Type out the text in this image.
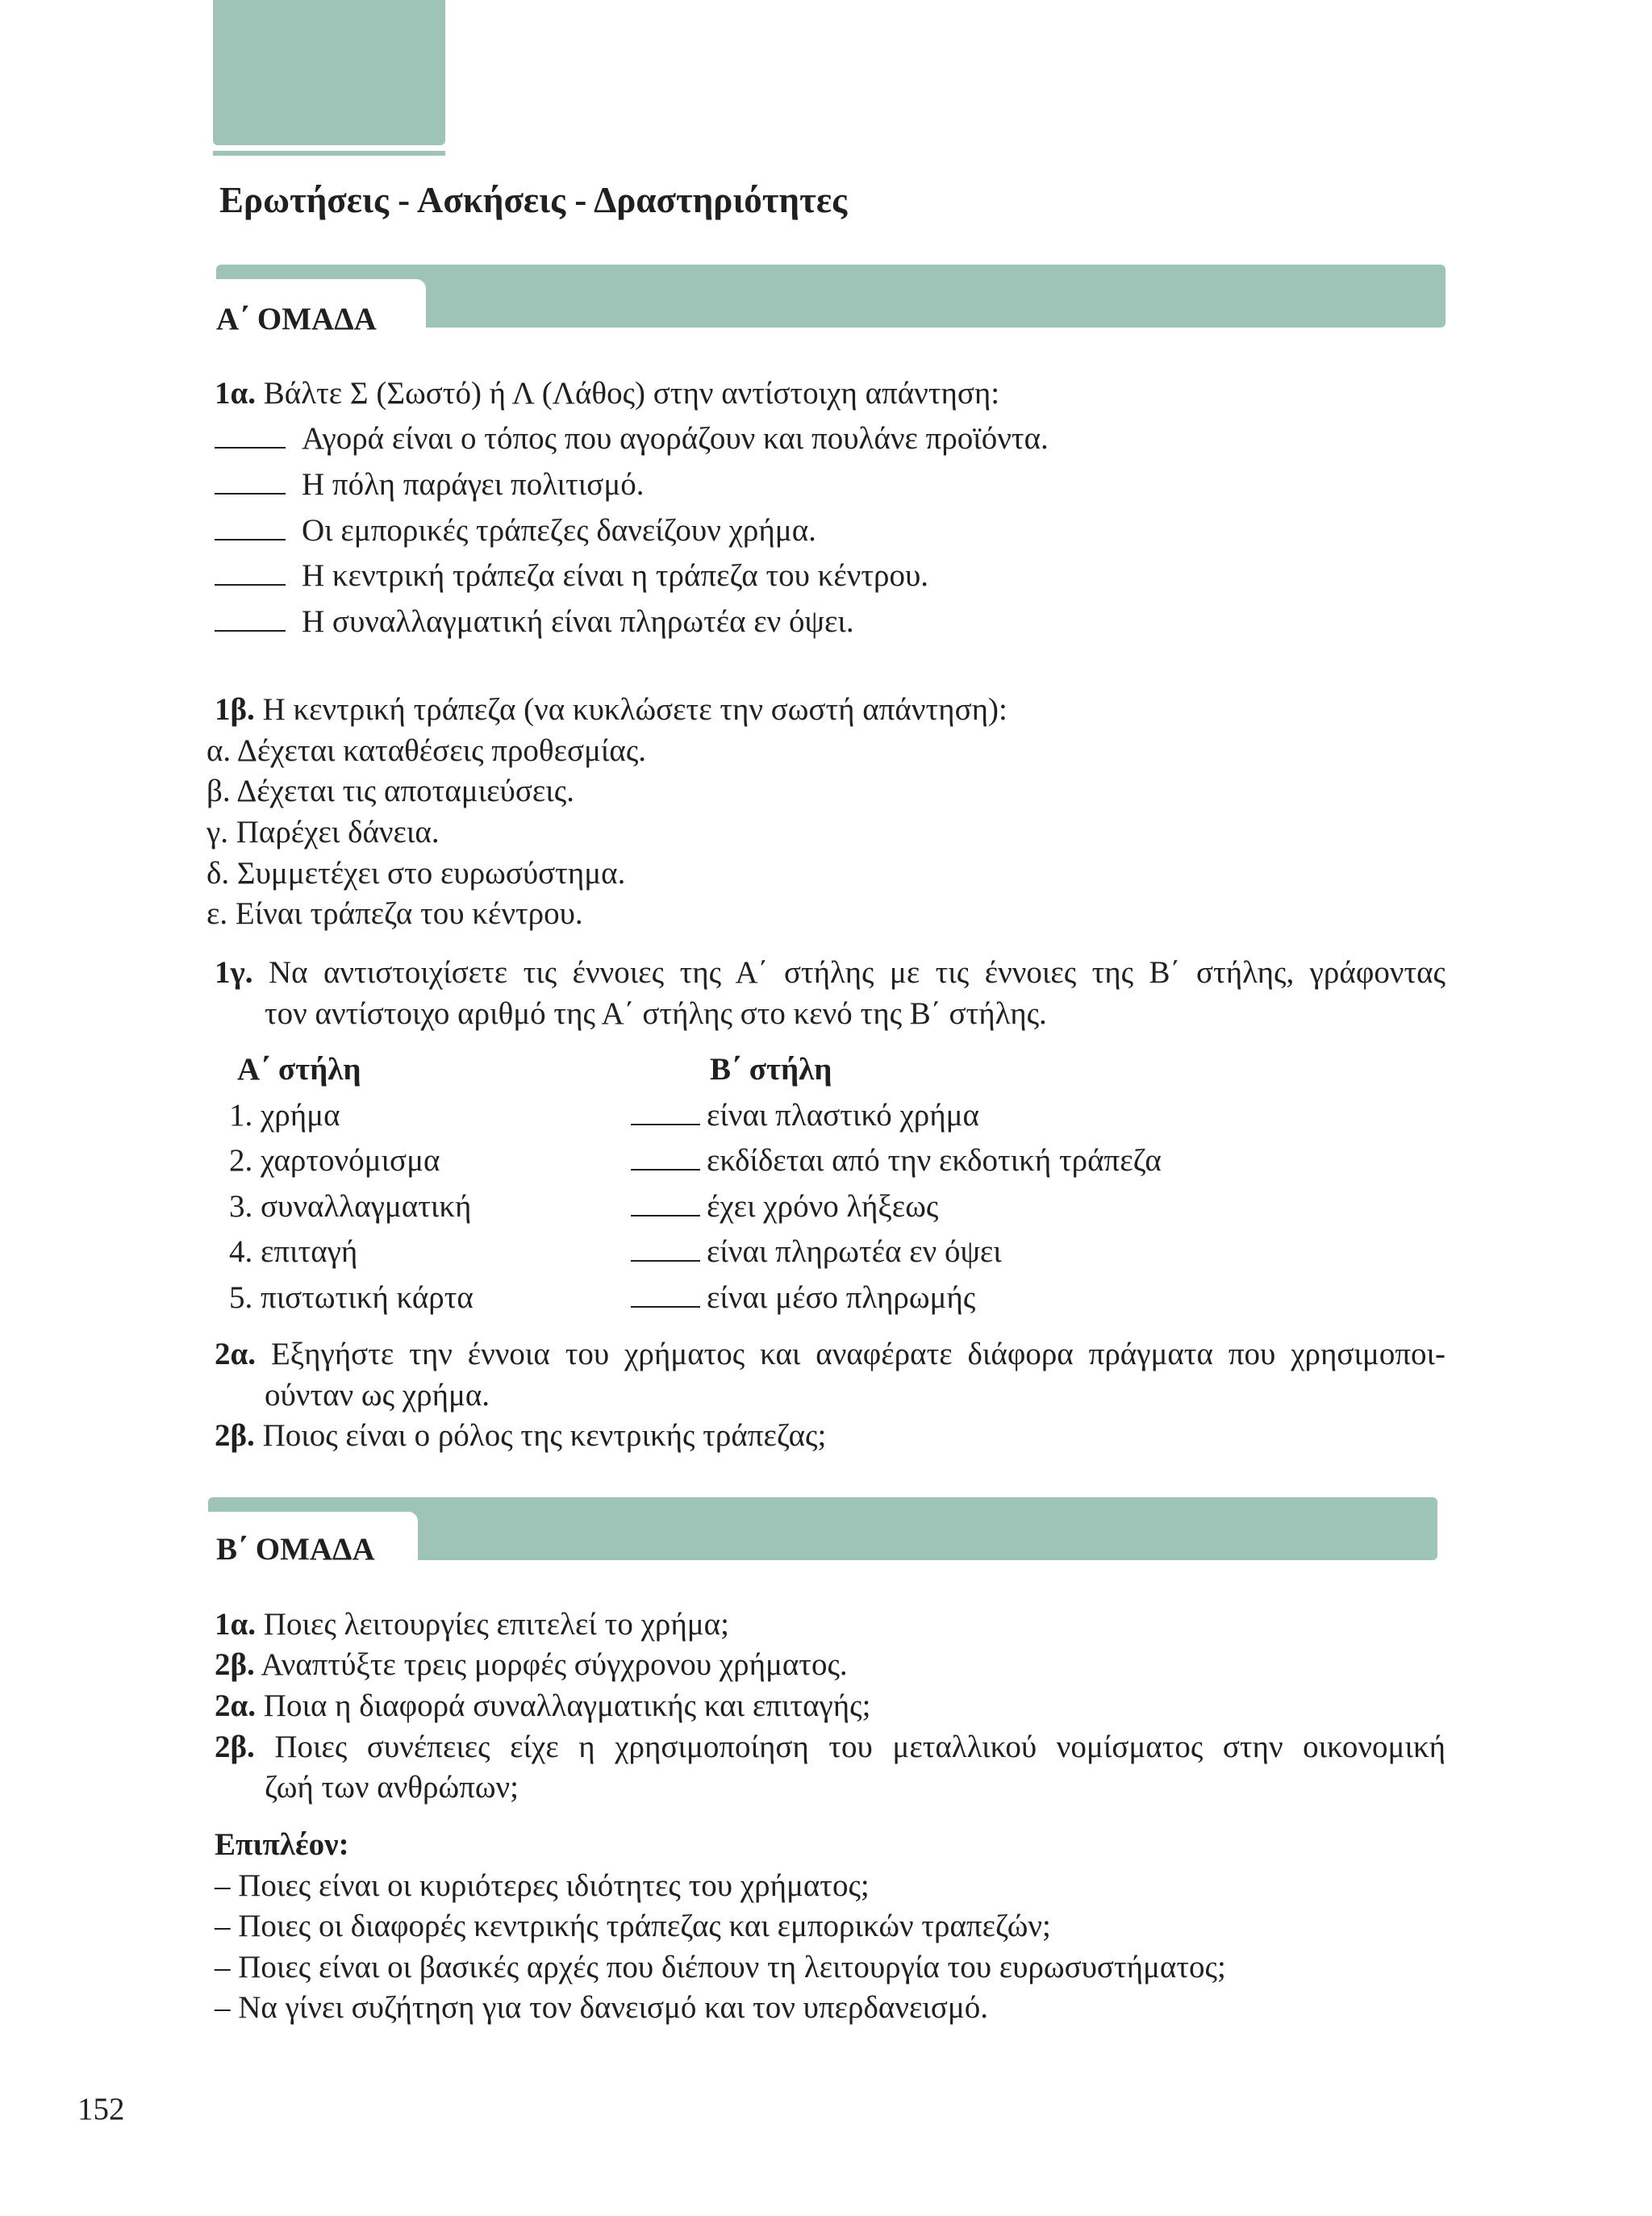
Ερωτήσεις - Ασκήσεις - Δραστηριότητες
Α΄ ΟΜΑΔΑ
1α. Βάλτε Σ (Σωστό) ή Λ (Λάθος) στην αντίστοιχη απάντηση:
Αγορά είναι ο τόπος που αγοράζουν και πουλάνε προϊόντα.
Η πόλη παράγει πολιτισμό.
Οι εμπορικές τράπεζες δανείζουν χρήμα.
Η κεντρική τράπεζα είναι η τράπεζα του κέντρου.
Η συναλλαγματική είναι πληρωτέα εν όψει.
1β. Η κεντρική τράπεζα (να κυκλώσετε την σωστή απάντηση):
α. Δέχεται καταθέσεις προθεσμίας.
β. Δέχεται τις αποταμιεύσεις.
γ. Παρέχει δάνεια.
δ. Συμμετέχει στο ευρωσύστημα.
ε. Είναι τράπεζα του κέντρου.
1γ. Να αντιστοιχίσετε τις έννοιες της Α΄ στήλης με τις έννοιες της Β΄ στήλης, γράφοντας
τον αντίστοιχο αριθμό της Α΄ στήλης στο κενό της Β΄ στήλης.
Α΄ στήλη	Β΄ στήλη
1. χρήμα
2. χαρτονόμισμα
3. συναλλαγματική
4. επιταγή
5. πιστωτική κάρτα
είναι πλαστικό χρήμα
εκδίδεται από την εκδοτική τράπεζα
έχει χρόνο λήξεως
είναι πληρωτέα εν όψει
είναι μέσο πληρωμής
2α. Εξηγήστε την έννοια του χρήματος και αναφέρατε διάφορα πράγματα που χρησιμοποι-
ούνταν ως χρήμα.
2β. Ποιος είναι ο ρόλος της κεντρικής τράπεζας;
Β΄ ΟΜΑΔΑ
1α. Ποιες λειτουργίες επιτελεί το χρήμα;
2β. Αναπτύξτε τρεις μορφές σύγχρονου χρήματος.
2α. Ποια η διαφορά συναλλαγματικής και επιταγής;
2β. Ποιες συνέπειες είχε η χρησιμοποίηση του μεταλλικού νομίσματος στην οικονομική
ζωή των ανθρώπων;
Επιπλέον:
– Ποιες είναι οι κυριότερες ιδιότητες του χρήματος;
– Ποιες οι διαφορές κεντρικής τράπεζας και εμπορικών τραπεζών;
– Ποιες είναι οι βασικές αρχές που διέπουν τη λειτουργία του ευρωσυστήματος;
– Να γίνει συζήτηση για τον δανεισμό και τον υπερδανεισμό.
152
